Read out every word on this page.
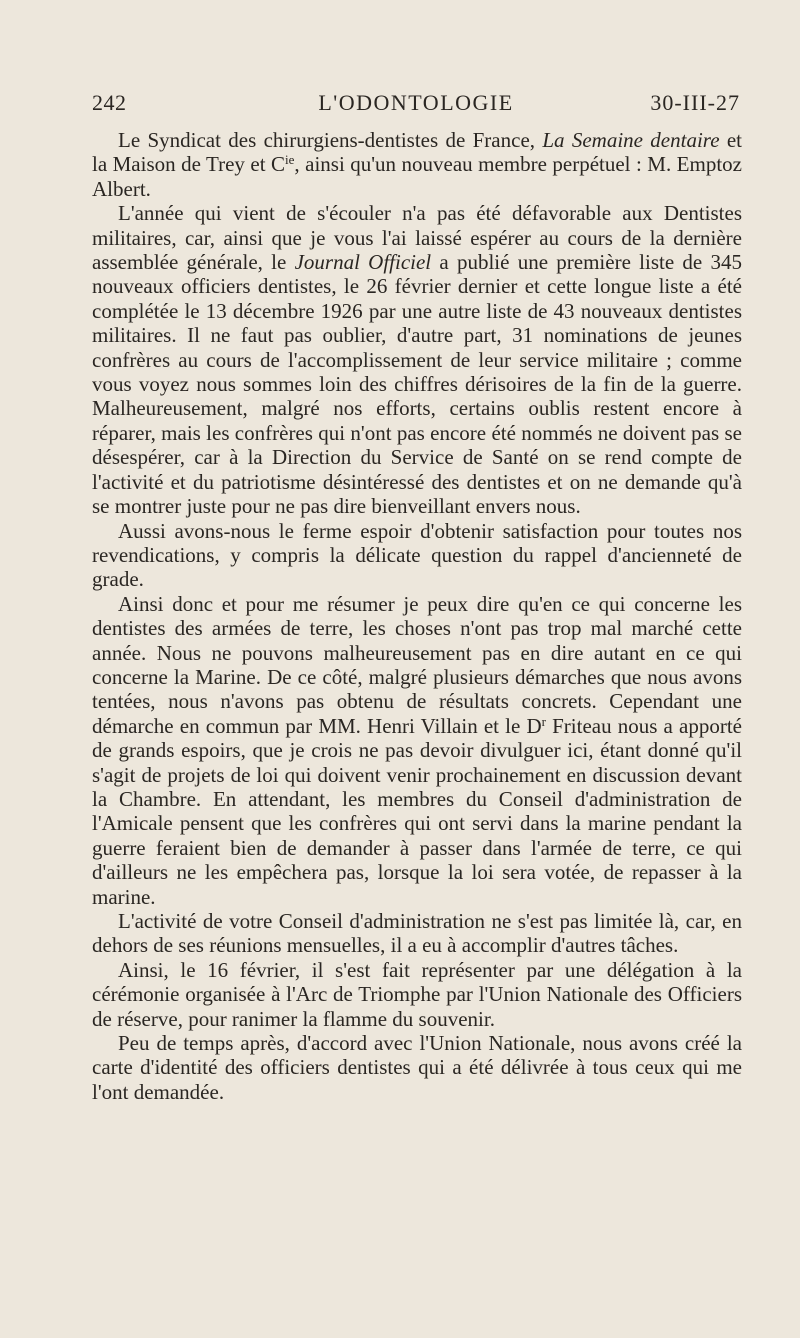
242	L'ODONTOLOGIE	30-III-27

Le Syndicat des chirurgiens-dentistes de France, La Semaine dentaire et la Maison de Trey et $C^{ie}$, ainsi qu'un nouveau membre perpétuel : M. Emptoz Albert.

L'année qui vient de s'écouler n'a pas été défavorable aux Dentistes militaires, car, ainsi que je vous l'ai laissé espérer au cours de la dernière assemblée générale, le Journal Officiel a publié une première liste de 345 nouveaux officiers dentistes, le 26 février dernier et cette longue liste a été complétée le 13 décembre 1926 par une autre liste de 43 nouveaux dentistes militaires. Il ne faut pas oublier, d'autre part, 31 nominations de jeunes confrères au cours de l'accomplissement de leur service militaire ; comme vous voyez nous sommes loin des chiffres dérisoires de la fin de la guerre. Malheureusement, malgré nos efforts, certains oublis restent encore à réparer, mais les confrères qui n'ont pas encore été nommés ne doivent pas se désespérer, car à la Direction du Service de Santé on se rend compte de l'activité et du patriotisme désintéressé des dentistes et on ne demande qu'à se montrer juste pour ne pas dire bienveillant envers nous.

Aussi avons-nous le ferme espoir d'obtenir satisfaction pour toutes nos revendications, y compris la délicate question du rappel d'ancienneté de grade.

Ainsi donc et pour me résumer je peux dire qu'en ce qui concerne les dentistes des armées de terre, les choses n'ont pas trop mal marché cette année. Nous ne pouvons malheureusement pas en dire autant en ce qui concerne la Marine. De ce côté, malgré plusieurs démarches que nous avons tentées, nous n'avons pas obtenu de résultats concrets. Cependant une démarche en commun par MM. Henri Villain et le $D^r$ Friteau nous a apporté de grands espoirs, que je crois ne pas devoir divulguer ici, étant donné qu'il s'agit de projets de loi qui doivent venir prochainement en discussion devant la Chambre. En attendant, les membres du Conseil d'administration de l'Amicale pensent que les confrères qui ont servi dans la marine pendant la guerre feraient bien de demander à passer dans l'armée de terre, ce qui d'ailleurs ne les empêchera pas, lorsque la loi sera votée, de repasser à la marine.

L'activité de votre Conseil d'administration ne s'est pas limitée là, car, en dehors de ses réunions mensuelles, il a eu à accomplir d'autres tâches.

Ainsi, le 16 février, il s'est fait représenter par une délégation à la cérémonie organisée à l'Arc de Triomphe par l'Union Nationale des Officiers de réserve, pour ranimer la flamme du souvenir.

Peu de temps après, d'accord avec l'Union Nationale, nous avons créé la carte d'identité des officiers dentistes qui a été délivrée à tous ceux qui me l'ont demandée.
